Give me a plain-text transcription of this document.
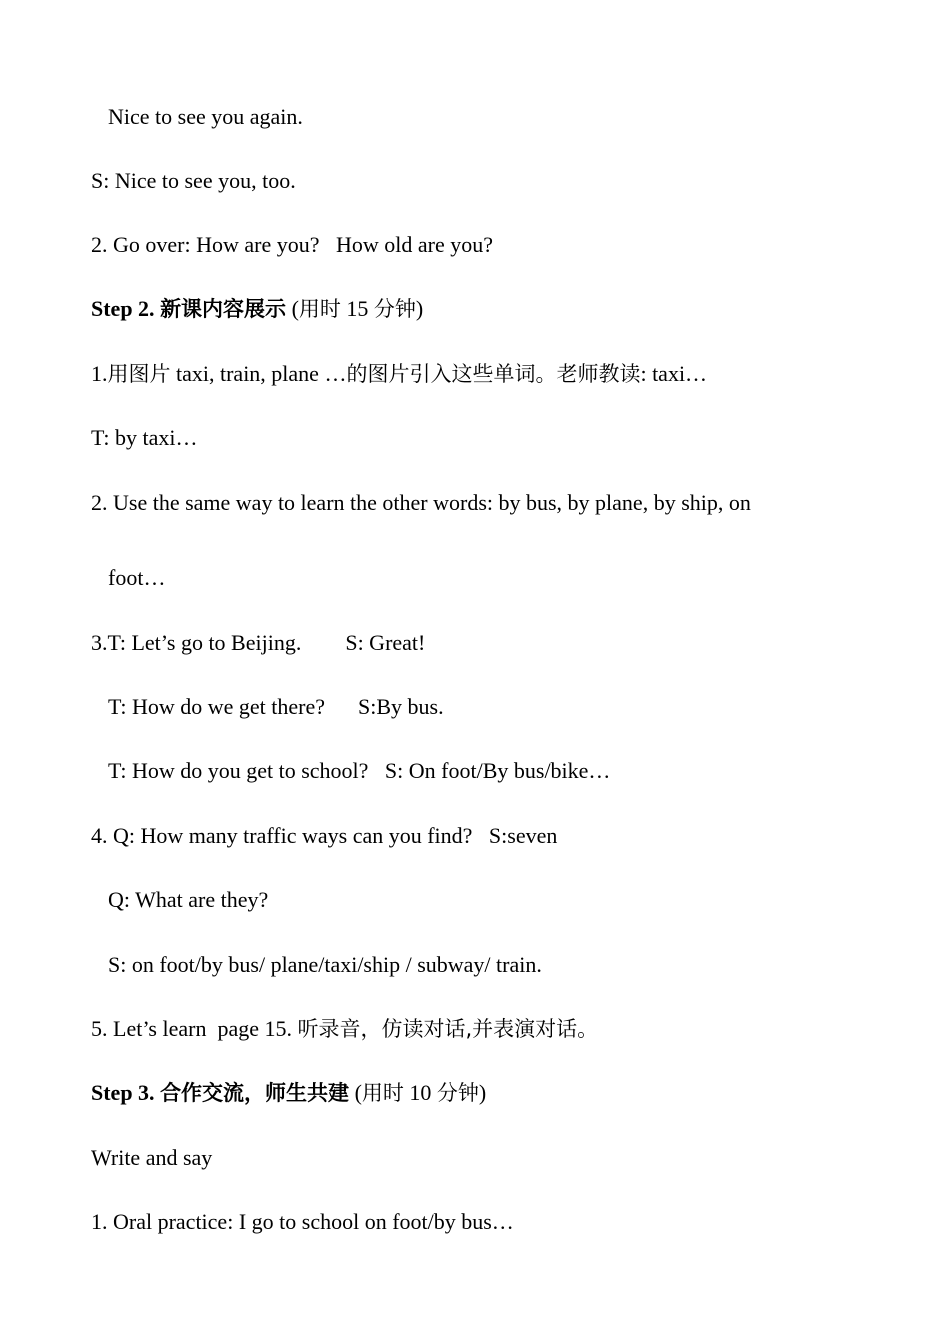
Nice to see you again.
S: Nice to see you, too.
2. Go over: How are you?   How old are you?
Step 2. 新课内容展示 (用时 15 分钟)
1.用图片 taxi, train, plane …的图片引入这些单词。老师教读: taxi…
T: by taxi…
2. Use the same way to learn the other words: by bus, by plane, by ship, on
foot…
3.T: Let’s go to Beijing.        S: Great!
T: How do we get there?      S:By bus.
T: How do you get to school?   S: On foot/By bus/bike…
4. Q: How many traffic ways can you find?   S:seven
Q: What are they?
S: on foot/by bus/ plane/taxi/ship / subway/ train.
5. Let’s learn  page 15. 听录音，仿读对话,并表演对话。
Step 3. 合作交流，师生共建 (用时 10 分钟)
Write and say
1. Oral practice: I go to school on foot/by bus…
